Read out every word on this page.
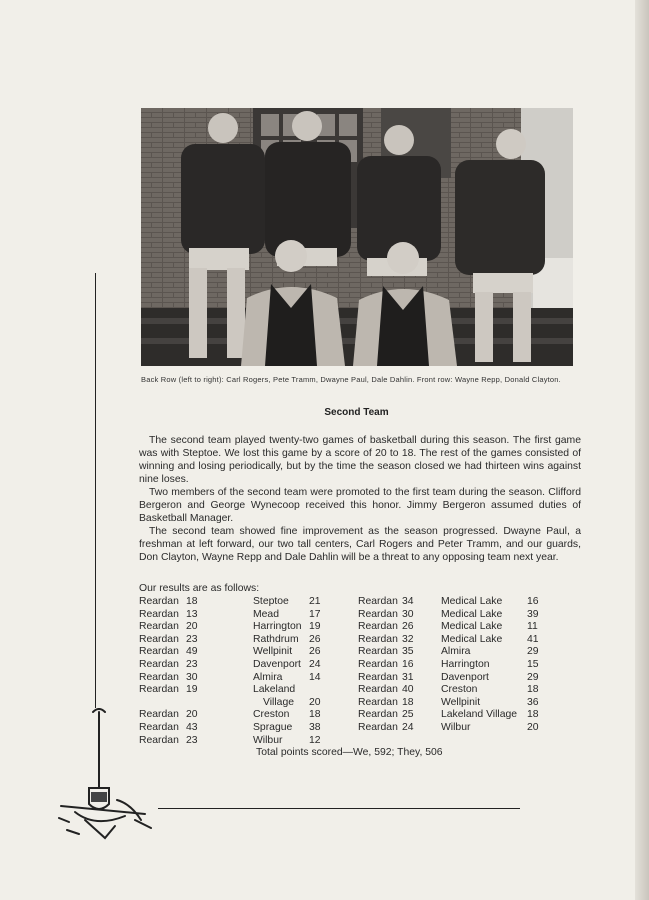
Back Row (left to right): Carl Rogers, Pete Tramm, Dwayne Paul, Dale Dahlin. Front row: Wayne Repp, Donald Clayton.
Second Team

The second team played twenty-two games of basketball during this season. The first game was with Steptoe. We lost this game by a score of 20 to 18. The rest of the games consisted of winning and losing periodically, but by the time the season closed we had thirteen wins against nine loses.

Two members of the second team were promoted to the first team during the season. Clifford Bergeron and George Wynecoop received this honor. Jimmy Bergeron assumed duties of Basketball Manager.

The second team showed fine improvement as the season progressed. Dwayne Paul, a freshman at left forward, our two tall centers, Carl Rogers and Peter Tramm, and our guards, Don Clayton, Wayne Repp and Dale Dahlin will be a threat to any opposing team next year.

Our results are as follows:
Reardan 18	Steptoe 21
Reardan 13	Mead	17
Reardan 20	Harrington 19
Reardan 23	Rathdrum 26
Reardan 49	Wellpinit 26
Reardan 23	Davenport 24
Reardan 30	Almira	14
Reardan 19	Lakeland
Village 20
Reardan 20	Creston 18
Reardan 43	Sprague 38
Reardan 23	Wilbur	12
Reardan 34	Medical Lake 16
Reardan 30	Medical Lake 39
Reardan 26	Medical Lake 11
Reardan 32	Medical Lake 41
Reardan 35	Almira	29
Reardan 16	Harrington	15
Reardan 31	Davenport	29
Reardan 40	Creston	18
Reardan 18	Wellpinit	36
Reardan 25	Lakeland Village 18
Reardan 24	Wilbur	20
Total points scored—We, 592; They, 506
